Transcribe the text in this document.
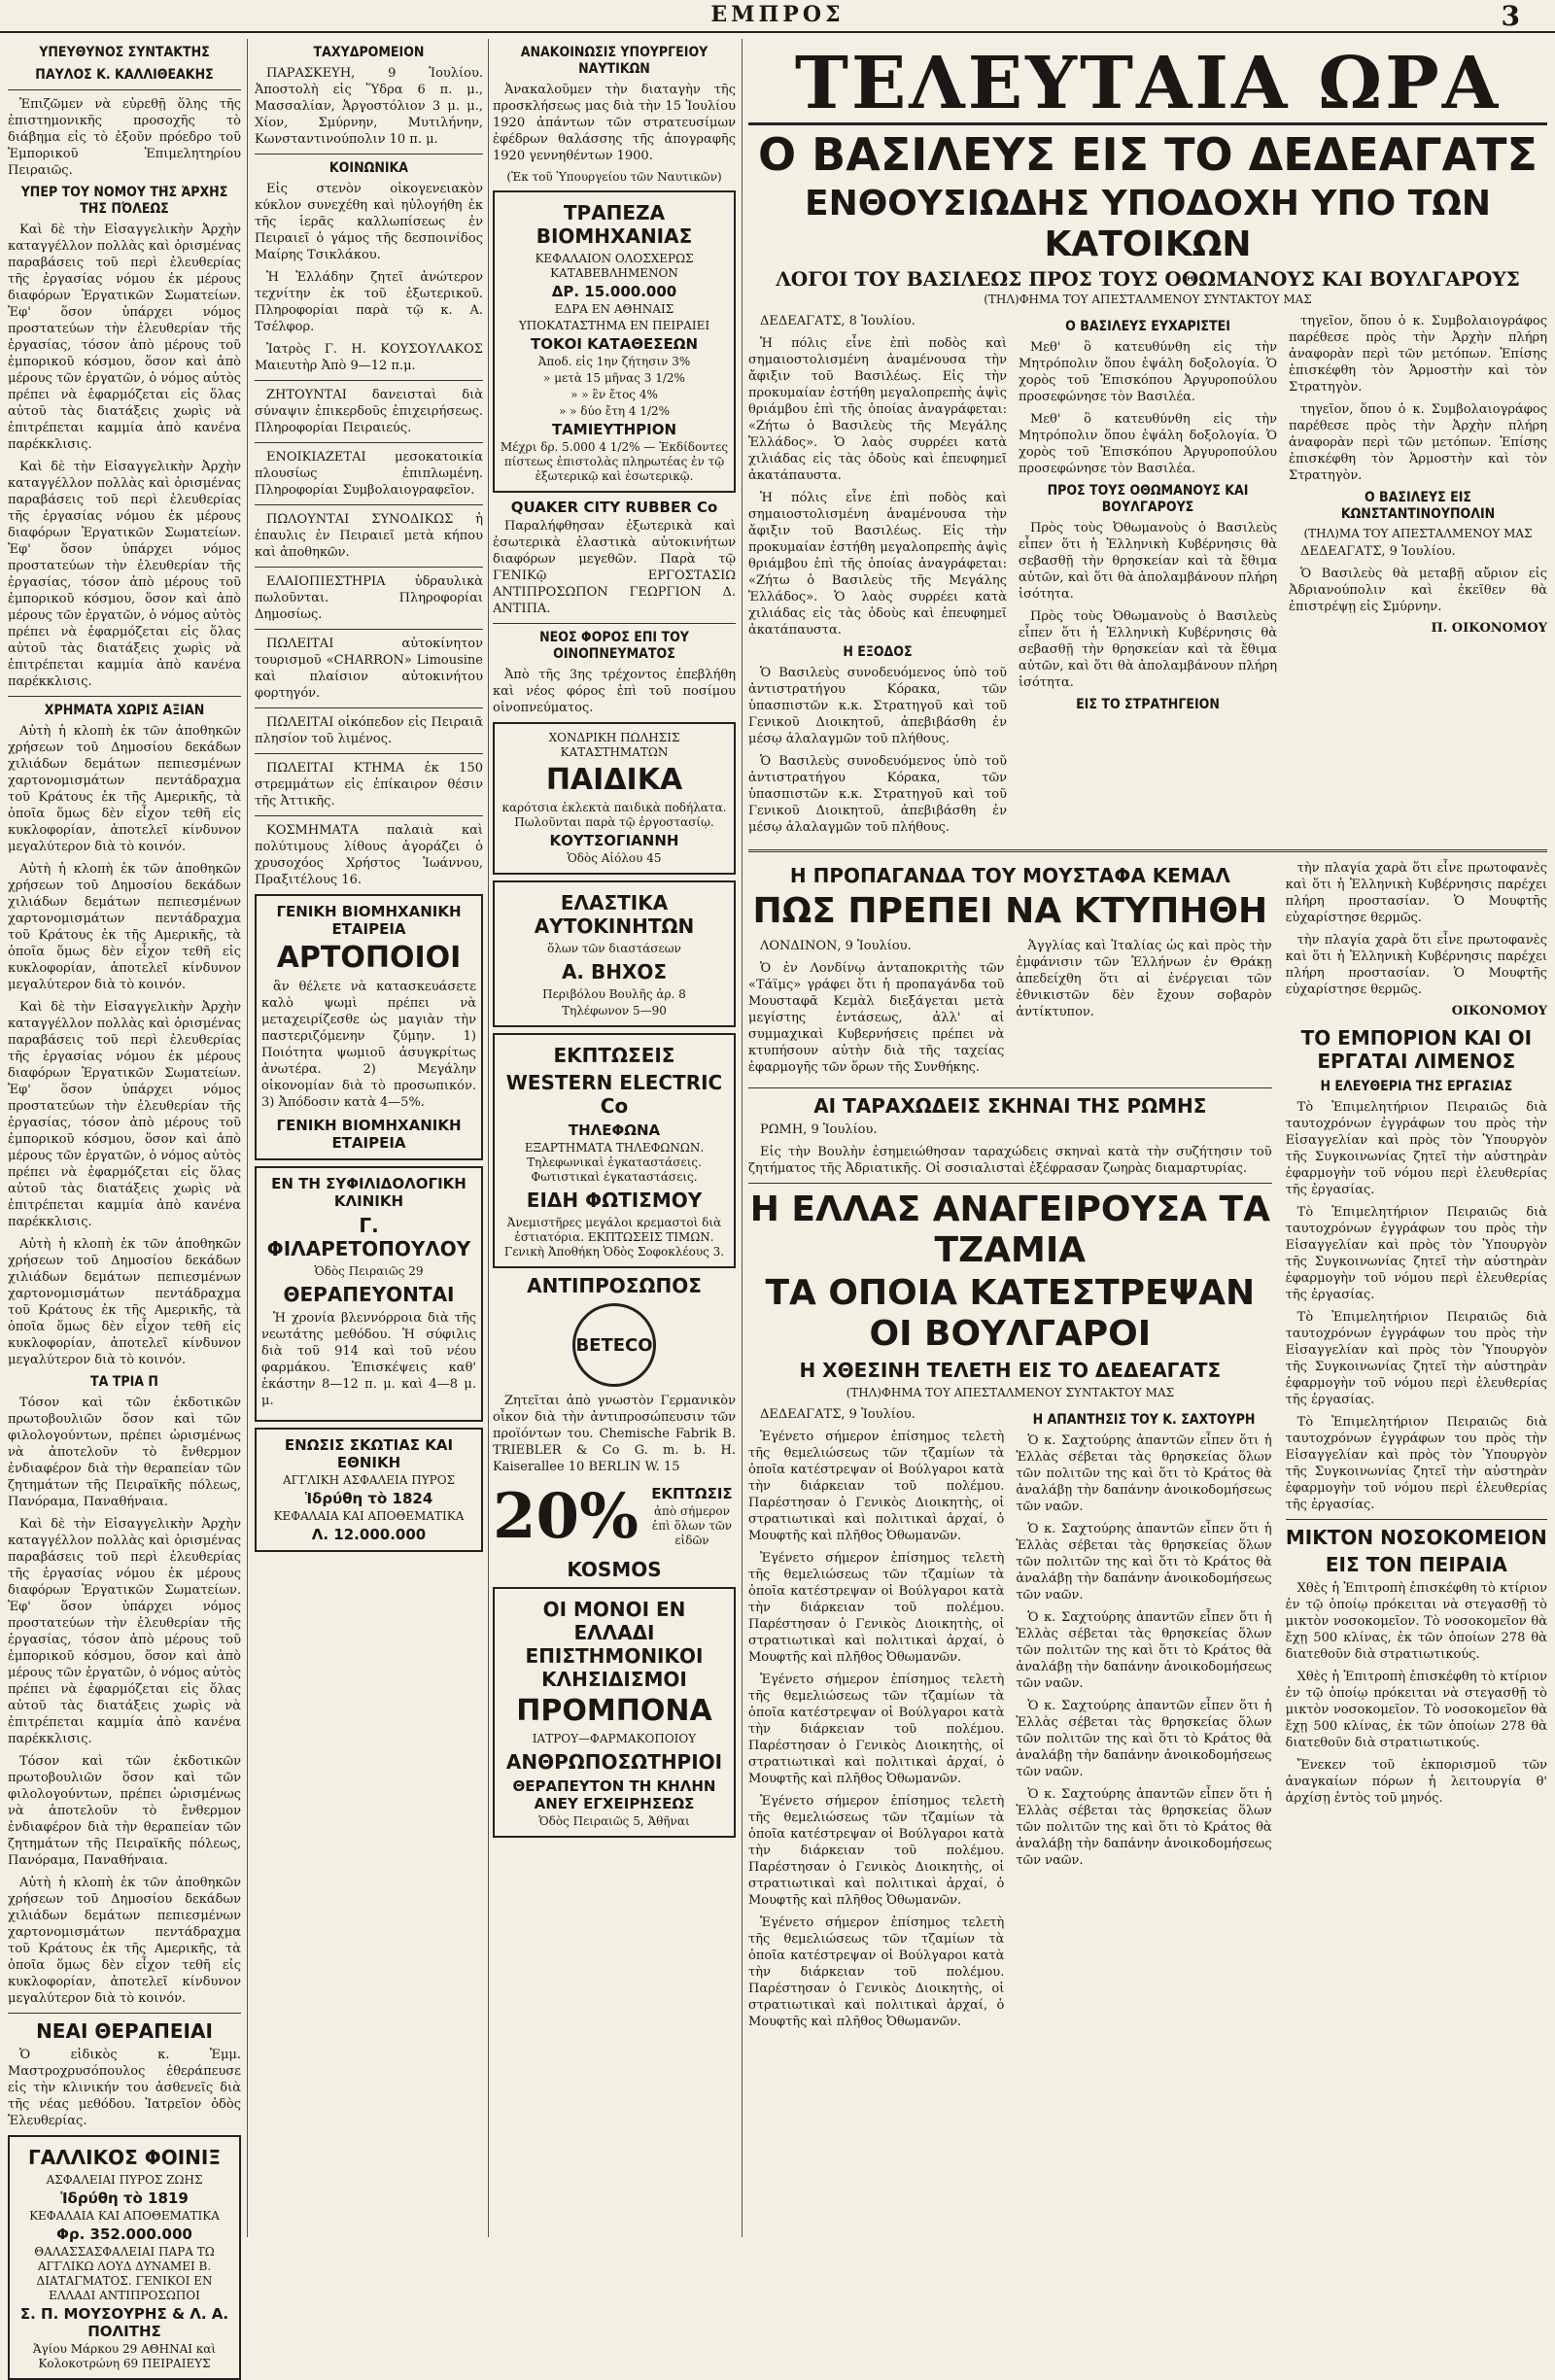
ΕΜΠΡΟΣ	3
ΥΠΕΥΘΥΝΟΣ ΣΥΝΤΑΚΤΗΣ
ΠΑΥΛΟΣ Κ. ΚΑΛΛΙΘΕΑΚΗΣ

Ἐπιζῶμεν νὰ εὑρεθῇ ὅλης τῆς ἐπιστημονικῆς προσοχῆς τὸ διάβημα εἰς τὸ ἐξοῦν πρόεδρο τοῦ Ἐμπορικοῦ Ἐπιμελητηρίου Πειραιῶς.

ΥΠΕΡ ΤΟΥ ΝΟΜΟΥ ΤΗ͂Σ ἈΡΧΗ͂Σ ΤΗ͂Σ ΠΌΛΕΩΣ

Καὶ δὲ τὴν Εἰσαγγελικὴν Ἀρχὴν καταγγέλλον πολλὰς καὶ ὁρισμένας παραβάσεις τοῦ περὶ ἐλευθερίας τῆς ἐργασίας νόμου ἐκ μέρους διαφόρων Ἐργατικῶν Σωματείων. Ἐφ' ὅσον ὑπάρχει νόμος προστατεύων τὴν ἐλευθερίαν τῆς ἐργασίας, τόσον ἀπὸ μέρους τοῦ ἐμπορικοῦ κόσμου, ὅσον καὶ ἀπὸ μέρους τῶν ἐργατῶν, ὁ νόμος αὐτὸς πρέπει νὰ ἐφαρμόζεται εἰς ὅλας αὐτοῦ τὰς διατάξεις χωρὶς νὰ ἐπιτρέπεται καμμία ἀπὸ κανένα παρέκκλισις.

Καὶ δὲ τὴν Εἰσαγγελικὴν Ἀρχὴν καταγγέλλον πολλὰς καὶ ὁρισμένας παραβάσεις τοῦ περὶ ἐλευθερίας τῆς ἐργασίας νόμου ἐκ μέρους διαφόρων Ἐργατικῶν Σωματείων. Ἐφ' ὅσον ὑπάρχει νόμος προστατεύων τὴν ἐλευθερίαν τῆς ἐργασίας, τόσον ἀπὸ μέρους τοῦ ἐμπορικοῦ κόσμου, ὅσον καὶ ἀπὸ μέρους τῶν ἐργατῶν, ὁ νόμος αὐτὸς πρέπει νὰ ἐφαρμόζεται εἰς ὅλας αὐτοῦ τὰς διατάξεις χωρὶς νὰ ἐπιτρέπεται καμμία ἀπὸ κανένα παρέκκλισις.

ΧΡΗΜΑΤΑ ΧΩΡΙΣ ΑΞΙΑΝ

Αὐτὴ ἡ κλοπὴ ἐκ τῶν ἀποθηκῶν χρήσεων τοῦ Δημοσίου δεκάδων χιλιάδων δεμάτων πεπιεσμένων χαρτονομισμάτων πεντάδραχμα τοῦ Κράτους ἐκ τῆς Αμερικῆς, τὰ ὁποῖα ὅμως δὲν εἶχον τεθῆ εἰς κυκλοφορίαν, ἀποτελεῖ κίνδυνον μεγαλύτερον διὰ τὸ κοινόν.

Αὐτὴ ἡ κλοπὴ ἐκ τῶν ἀποθηκῶν χρήσεων τοῦ Δημοσίου δεκάδων χιλιάδων δεμάτων πεπιεσμένων χαρτονομισμάτων πεντάδραχμα τοῦ Κράτους ἐκ τῆς Αμερικῆς, τὰ ὁποῖα ὅμως δὲν εἶχον τεθῆ εἰς κυκλοφορίαν, ἀποτελεῖ κίνδυνον μεγαλύτερον διὰ τὸ κοινόν.

Καὶ δὲ τὴν Εἰσαγγελικὴν Ἀρχὴν καταγγέλλον πολλὰς καὶ ὁρισμένας παραβάσεις τοῦ περὶ ἐλευθερίας τῆς ἐργασίας νόμου ἐκ μέρους διαφόρων Ἐργατικῶν Σωματείων. Ἐφ' ὅσον ὑπάρχει νόμος προστατεύων τὴν ἐλευθερίαν τῆς ἐργασίας, τόσον ἀπὸ μέρους τοῦ ἐμπορικοῦ κόσμου, ὅσον καὶ ἀπὸ μέρους τῶν ἐργατῶν, ὁ νόμος αὐτὸς πρέπει νὰ ἐφαρμόζεται εἰς ὅλας αὐτοῦ τὰς διατάξεις χωρὶς νὰ ἐπιτρέπεται καμμία ἀπὸ κανένα παρέκκλισις.

Αὐτὴ ἡ κλοπὴ ἐκ τῶν ἀποθηκῶν χρήσεων τοῦ Δημοσίου δεκάδων χιλιάδων δεμάτων πεπιεσμένων χαρτονομισμάτων πεντάδραχμα τοῦ Κράτους ἐκ τῆς Αμερικῆς, τὰ ὁποῖα ὅμως δὲν εἶχον τεθῆ εἰς κυκλοφορίαν, ἀποτελεῖ κίνδυνον μεγαλύτερον διὰ τὸ κοινόν.

ΤΑ ΤΡΙΑ Π

Τόσον καὶ τῶν ἐκδοτικῶν πρωτοβουλιῶν ὅσον καὶ τῶν φιλολογούντων, πρέπει ὡρισμένως νὰ ἀποτελοῦν τὸ ἔνθερμον ἐνδιαφέρον διὰ τὴν θεραπείαν τῶν ζητημάτων τῆς Πειραϊκῆς πόλεως, Πανόραμα, Παναθήναια.

Καὶ δὲ τὴν Εἰσαγγελικὴν Ἀρχὴν καταγγέλλον πολλὰς καὶ ὁρισμένας παραβάσεις τοῦ περὶ ἐλευθερίας τῆς ἐργασίας νόμου ἐκ μέρους διαφόρων Ἐργατικῶν Σωματείων. Ἐφ' ὅσον ὑπάρχει νόμος προστατεύων τὴν ἐλευθερίαν τῆς ἐργασίας, τόσον ἀπὸ μέρους τοῦ ἐμπορικοῦ κόσμου, ὅσον καὶ ἀπὸ μέρους τῶν ἐργατῶν, ὁ νόμος αὐτὸς πρέπει νὰ ἐφαρμόζεται εἰς ὅλας αὐτοῦ τὰς διατάξεις χωρὶς νὰ ἐπιτρέπεται καμμία ἀπὸ κανένα παρέκκλισις.

Τόσον καὶ τῶν ἐκδοτικῶν πρωτοβουλιῶν ὅσον καὶ τῶν φιλολογούντων, πρέπει ὡρισμένως νὰ ἀποτελοῦν τὸ ἔνθερμον ἐνδιαφέρον διὰ τὴν θεραπείαν τῶν ζητημάτων τῆς Πειραϊκῆς πόλεως, Πανόραμα, Παναθήναια.

Αὐτὴ ἡ κλοπὴ ἐκ τῶν ἀποθηκῶν χρήσεων τοῦ Δημοσίου δεκάδων χιλιάδων δεμάτων πεπιεσμένων χαρτονομισμάτων πεντάδραχμα τοῦ Κράτους ἐκ τῆς Αμερικῆς, τὰ ὁποῖα ὅμως δὲν εἶχον τεθῆ εἰς κυκλοφορίαν, ἀποτελεῖ κίνδυνον μεγαλύτερον διὰ τὸ κοινόν.

ΝΕΑΙ ΘΕΡΑΠΕΙΑΙ

Ὁ εἰδικὸς κ. Ἐμμ. Μαστροχρυσόπουλος ἐθεράπευσε εἰς τὴν κλινικήν του ἀσθενεῖς διὰ τῆς νέας μεθόδου. Ἰατρεῖον ὁδὸς Ἐλευθερίας.

ΓΑΛΛΙΚΟΣ ΦΟΙΝΙΞ
ΑΣΦΑΛΕΙΑΙ ΠΥΡΟΣ ΖΩΗΣ
Ἱδρύθη τὸ 1819
ΚΕΦΑΛΑΙΑ ΚΑΙ ΑΠΟΘΕΜΑΤΙΚΑ
Φρ. 352.000.000
ΘΑΛΑΣΣΑΣΦΑΛΕΙΑΙ ΠΑΡΑ ΤΩ ΑΓΓΛΙΚΩ ΛΟΥΔ ΔΥΝΑΜΕΙ Β. ΔΙΑΤΑΓΜΑΤΟΣ. ΓΕΝΙΚΟΙ ΕΝ ΕΛΛΑΔΙ ΑΝΤΙΠΡΟΣΩΠΟΙ
Σ. Π. ΜΟΥΣΟΥΡΗΣ & Λ. Α. ΠΟΛΙΤΗΣ
Ἁγίου Μάρκου 29 ΑΘΗΝΑΙ καὶ Κολοκοτρώνη 69 ΠΕΙΡΑΙΕΥΣ
ΤΑΧΥΔΡΟΜΕΙΟΝ

ΠΑΡΑΣΚΕΥΗ, 9 Ἰουλίου. Ἀποστολὴ εἰς Ὕδρα 6 π. μ., Μασσαλίαν, Ἀργοστόλιον 3 μ. μ., Χίον, Σμύρνην, Μυτιλήνην, Κωνσταντινούπολιν 10 π. μ.

ΚΟΙΝΩΝΙΚΑ

Εἰς στενὸν οἰκογενειακὸν κύκλον συνεχέθη καὶ ηὐλογήθη ἐκ τῆς ἱερᾶς καλλωπίσεως ἐν Πειραιεῖ ὁ γάμος τῆς δεσποινίδος Μαίρης Τσικλάκου.

Ἡ Ἑλλάδην ζητεῖ ἀνώτερον τεχνίτην ἐκ τοῦ ἐξωτερικοῦ. Πληροφορίαι παρὰ τῷ κ. Α. Τσέλφορ.

Ἰατρὸς Γ. Η. ΚΟΥΣΟΥΛΑΚΟΣ Μαιευτὴρ Ἀπὸ 9—12 π.μ.

ΖΗΤΟΥΝΤΑΙ δανεισταὶ διὰ σύναψιν ἐπικερδοῦς ἐπιχειρήσεως. Πληροφορίαι Πειραιεύς.

ΕΝΟΙΚΙΑΖΕΤΑΙ μεσοκατοικία πλουσίως ἐπιπλωμένη. Πληροφορίαι Συμβολαιογραφεῖον.

ΠΩΛΟΥΝΤΑΙ ΣΥΝΟΔΙΚΩΣ ἡ ἐπαυλις ἐν Πειραιεῖ μετὰ κήπου καὶ ἀποθηκῶν.

ΕΛΑΙΟΠΙΕΣΤΗΡΙΑ ὑδραυλικὰ πωλοῦνται. Πληροφορίαι Δημοσίως.

ΠΩΛΕΙΤΑΙ αὐτοκίνητον τουρισμοῦ «CHARRON» Limousine καὶ πλαίσιον αὐτοκινήτου φορτηγόν.

ΠΩΛΕΙΤΑΙ οἰκόπεδον εἰς Πειραιᾶ πλησίον τοῦ λιμένος.

ΠΩΛΕΙΤΑΙ ΚΤΗΜΑ ἐκ 150 στρεμμάτων εἰς ἐπίκαιρον θέσιν τῆς Ἀττικῆς.

ΚΟΣΜΗΜΑΤΑ παλαιὰ καὶ πολύτιμους λίθους ἀγοράζει ὁ χρυσοχόος Χρήστος Ἰωάννου, Πραξιτέλους 16.

ΓΕΝΙΚΗ ΒΙΟΜΗΧΑΝΙΚΗ ΕΤΑΙΡΕΙΑ
ΑΡΤΟΠΟΙΟΙ

ἂν θέλετε νὰ κατασκευάσετε καλὸ ψωμὶ πρέπει νὰ μεταχειρίζεσθε ὡς μαγιὰν τὴν παστεριζόμενην ζύμην. 1) Ποιότητα ψωμιοῦ ἀσυγκρίτως ἀνωτέρα. 2) Μεγάλην οἰκονομίαν διὰ τὸ προσωπικόν. 3) Ἀπόδοσιν κατὰ 4—5%.

ΓΕΝΙΚΗ ΒΙΟΜΗΧΑΝΙΚΗ ΕΤΑΙΡΕΙΑ
ΕΝ ΤΗ ΣΥΦΙΛΙΔΟΛΟΓΙΚΗ ΚΛΙΝΙΚΗ
Γ. ΦΙΛΑΡΕΤΟΠΟΥΛΟΥ
Ὁδὸς Πειραιῶς 29
ΘΕΡΑΠΕΥΟΝΤΑΙ

Ἡ χρονία βλεννόρροια διὰ τῆς νεωτάτης μεθόδου. Ἡ σύφιλις διὰ τοῦ 914 καὶ τοῦ νέου φαρμάκου. Ἐπισκέψεις καθ' ἑκάστην 8—12 π. μ. καὶ 4—8 μ. μ.

ΕΝΩΣΙΣ ΣΚΩΤΙΑΣ ΚΑΙ ΕΘΝΙΚΗ
ΑΓΓΛΙΚΗ ΑΣΦΑΛΕΙΑ ΠΥΡΟΣ
Ἱδρύθη τὸ 1824
ΚΕΦΑΛΑΙΑ ΚΑΙ ΑΠΟΘΕΜΑΤΙΚΑ
Λ. 12.000.000
ΑΝΑΚΟΙΝΩΣΙΣ ΥΠΟΥΡΓΕΙΟΥ ΝΑΥΤΙΚΩΝ

Ἀνακαλοῦμεν τὴν διαταγὴν τῆς προσκλήσεως μας διὰ τὴν 15 Ἰουλίου 1920 ἀπάντων τῶν στρατευσίμων ἐφέδρων θαλάσσης τῆς ἀπογραφῆς 1920 γεννηθέντων 1900.

(Ἐκ τοῦ Ὑπουργείου τῶν Ναυτικῶν)
ΤΡΑΠΕΖΑ ΒΙΟΜΗΧΑΝΙΑΣ
ΚΕΦΑΛΑΙΟΝ ΟΛΟΣΧΕΡΩΣ ΚΑΤΑΒΕΒΛΗΜΕΝΟΝ
ΔΡ. 15.000.000
ΕΔΡΑ ΕΝ ΑΘΗΝΑΙΣ
ΥΠΟΚΑΤΑΣΤΗΜΑ ΕΝ ΠΕΙΡΑΙΕΙ
ΤΟΚΟΙ ΚΑΤΑΘΕΣΕΩΝ
Ἀποδ. εἰς 1ην ζήτησιν 3%
» μετὰ 15 μῆνας 3 1/2%
» » ἓν ἔτος 4%
» » δύο ἔτη 4 1/2%
ΤΑΜΙΕΥΤΗΡΙΟΝ
Μέχρι δρ. 5.000 4 1/2% — Ἐκδίδοντες πίστεως ἐπιστολὰς πληρωτέας ἐν τῷ ἐξωτερικῷ καὶ ἐσωτερικῷ.
QUAKER CITY RUBBER Co

Παραλήφθησαν ἐξωτερικὰ καὶ ἐσωτερικὰ ἐλαστικὰ αὐτοκινήτων διαφόρων μεγεθῶν. Παρὰ τῷ ΓΕΝΙΚῷ ΕΡΓΟΣΤΑΣΙΩ ΑΝΤΙΠΡΟΣΩΠΟΝ ΓΕΩΡΓΙΟΝ Δ. ΑΝΤΙΠΑ.

ΝΕΟΣ ΦΟΡΟΣ ΕΠΙ ΤΟΥ ΟΙΝΟΠΝΕΥΜΑΤΟΣ

Ἀπὸ τῆς 3ης τρέχοντος ἐπεβλήθη καὶ νέος φόρος ἐπὶ τοῦ ποσίμου οἰνοπνεύματος.

ΧΟΝΔΡΙΚΗ ΠΩΛΗΣΙΣ ΚΑΤΑΣΤΗΜΑΤΩΝ
ΠΑΙΔΙΚΑ
καρότσια ἐκλεκτὰ παιδικὰ ποδήλατα. Πωλοῦνται παρὰ τῷ ἐργοστασίῳ.
ΚΟΥΤΣΟΓΙΑΝΝΗ
Ὁδὸς Αἰόλου 45
ΕΛΑΣΤΙΚΑ ΑΥΤΟΚΙΝΗΤΩΝ
ὅλων τῶν διαστάσεων
Α. ΒΗΧΟΣ
Περιβόλου Βουλῆς ἀρ. 8
Τηλέφωνον 5—90
ΕΚΠΤΩΣΕΙΣ
WESTERN ELECTRIC Co
ΤΗΛΕΦΩΝΑ
ΕΞΑΡΤΗΜΑΤΑ ΤΗΛΕΦΩΝΩΝ. Τηλεφωνικαὶ ἐγκαταστάσεις. Φωτιστικαὶ ἐγκαταστάσεις.
ΕΙΔΗ ΦΩΤΙΣΜΟΥ
Ἀνεμιστῆρες μεγάλοι κρεμαστοὶ διὰ ἑστιατόρια. ΕΚΠΤΩΣΕΙΣ ΤΙΜΩΝ. Γενικὴ Ἀποθήκη Ὁδὸς Σοφοκλέους 3.
ΑΝΤΙΠΡΟΣΩΠΟΣ
BETECO

Ζητεῖται ἀπὸ γνωστὸν Γερμανικὸν οἶκον διὰ τὴν ἀντιπροσώπευσιν τῶν προϊόντων του. Chemische Fabrik B. TRIEBLER & Co G. m. b. H. Kaiserallee 10 BERLIN W. 15

20% ΕΚΠΤΩΣΙΣ
ἀπὸ σήμερον ἐπὶ ὅλων τῶν εἰδῶν
KOSMOS
ΟΙ ΜΟΝΟΙ ΕΝ ΕΛΛΑΔΙ ΕΠΙΣΤΗΜΟΝΙΚΟΙ ΚΛΗΣΙΔΙΣΜΟΙ
ΠΡΟΜΠΟΝΑ
ΙΑΤΡΟΥ—ΦΑΡΜΑΚΟΠΟΙΟΥ
ΑΝΘΡΩΠΟΣΩΤΗΡΙΟΙ
ΘΕΡΑΠΕΥΤΟΝ ΤΗ ΚΗΛΗΝ ΑΝΕΥ ΕΓΧΕΙΡΗΣΕΩΣ
Ὁδὸς Πειραιῶς 5, Ἀθῆναι
ΤΕΛΕΥΤΑΙΑ ΩΡΑ
Ο ΒΑΣΙΛΕΥΣ ΕΙΣ ΤΟ ΔΕΔΕΑΓΑΤΣ
ΕΝΘΟΥΣΙΩΔΗΣ ΥΠΟΔΟΧΗ ΥΠΟ ΤΩΝ ΚΑΤΟΙΚΩΝ
ΛΟΓΟΙ ΤΟΥ ΒΑΣΙΛΕΩΣ ΠΡΟΣ ΤΟΥΣ ΟΘΩΜΑΝΟΥΣ ΚΑΙ ΒΟΥΛΓΑΡΟΥΣ
(ΤΗΛ)ΦΗΜΑ ΤΟΥ ΑΠΕΣΤΑΛΜΕΝΟΥ ΣΥΝΤΑΚΤΟΥ ΜΑΣ

ΔΕΔΕΑΓΑΤΣ, 8 Ἰουλίου.

Ἡ πόλις εἶνε ἐπὶ ποδὸς καὶ σημαιοστολισμένη ἀναμένουσα τὴν ἄφιξιν τοῦ Βασιλέως. Εἰς τὴν προκυμαίαν ἐστήθη μεγαλοπρεπὴς ἁψὶς θριάμβου ἐπὶ τῆς ὁποίας ἀναγράφεται: «Ζήτω ὁ Βασιλεὺς τῆς Μεγάλης Ἑλλάδος». Ὁ λαὸς συρρέει κατὰ χιλιάδας εἰς τὰς ὁδοὺς καὶ ἐπευφημεῖ ἀκατάπαυστα.

Ἡ πόλις εἶνε ἐπὶ ποδὸς καὶ σημαιοστολισμένη ἀναμένουσα τὴν ἄφιξιν τοῦ Βασιλέως. Εἰς τὴν προκυμαίαν ἐστήθη μεγαλοπρεπὴς ἁψὶς θριάμβου ἐπὶ τῆς ὁποίας ἀναγράφεται: «Ζήτω ὁ Βασιλεὺς τῆς Μεγάλης Ἑλλάδος». Ὁ λαὸς συρρέει κατὰ χιλιάδας εἰς τὰς ὁδοὺς καὶ ἐπευφημεῖ ἀκατάπαυστα.

Η ΕΞΟΔΟΣ

Ὁ Βασιλεὺς συνοδευόμενος ὑπὸ τοῦ ἀντιστρατήγου Κόρακα, τῶν ὑπασπιστῶν κ.κ. Στρατηγοῦ καὶ τοῦ Γενικοῦ Διοικητοῦ, ἀπεβιβάσθη ἐν μέσῳ ἀλαλαγμῶν τοῦ πλήθους.

Ὁ Βασιλεὺς συνοδευόμενος ὑπὸ τοῦ ἀντιστρατήγου Κόρακα, τῶν ὑπασπιστῶν κ.κ. Στρατηγοῦ καὶ τοῦ Γενικοῦ Διοικητοῦ, ἀπεβιβάσθη ἐν μέσῳ ἀλαλαγμῶν τοῦ πλήθους.

Ο ΒΑΣΙΛΕΥΣ ΕΥΧΑΡΙΣΤΕΙ

Μεθ' ὃ κατευθύνθη εἰς τὴν Μητρόπολιν ὅπου ἐψάλη δοξολογία. Ὁ χορὸς τοῦ Ἐπισκόπου Ἀργυροπούλου προσεφώνησε τὸν Βασιλέα.

Μεθ' ὃ κατευθύνθη εἰς τὴν Μητρόπολιν ὅπου ἐψάλη δοξολογία. Ὁ χορὸς τοῦ Ἐπισκόπου Ἀργυροπούλου προσεφώνησε τὸν Βασιλέα.

ΠΡΟΣ ΤΟΥΣ ΟΘΩΜΑΝΟΥΣ ΚΑΙ ΒΟΥΛΓΑΡΟΥΣ

Πρὸς τοὺς Ὀθωμανοὺς ὁ Βασιλεὺς εἶπεν ὅτι ἡ Ἑλληνικὴ Κυβέρνησις θὰ σεβασθῇ τὴν θρησκείαν καὶ τὰ ἔθιμα αὐτῶν, καὶ ὅτι θὰ ἀπολαμβάνουν πλήρη ἰσότητα.

Πρὸς τοὺς Ὀθωμανοὺς ὁ Βασιλεὺς εἶπεν ὅτι ἡ Ἑλληνικὴ Κυβέρνησις θὰ σεβασθῇ τὴν θρησκείαν καὶ τὰ ἔθιμα αὐτῶν, καὶ ὅτι θὰ ἀπολαμβάνουν πλήρη ἰσότητα.

ΕΙΣ ΤΟ ΣΤΡΑΤΗΓΕΙΟΝ

τηγεῖον, ὅπου ὁ κ. Συμβολαιογράφος παρέθεσε πρὸς τὴν Ἀρχὴν πλήρη ἀναφορὰν περὶ τῶν μετόπων. Ἐπίσης ἐπισκέφθη τὸν Ἁρμοστὴν καὶ τὸν Στρατηγὸν.

τηγεῖον, ὅπου ὁ κ. Συμβολαιογράφος παρέθεσε πρὸς τὴν Ἀρχὴν πλήρη ἀναφορὰν περὶ τῶν μετόπων. Ἐπίσης ἐπισκέφθη τὸν Ἁρμοστὴν καὶ τὸν Στρατηγὸν.

Ο ΒΑΣΙΛΕΥΣ ΕΙΣ ΚΩΝΣΤΑΝΤΙΝΟΥΠΟΛΙΝ
(ΤΗΛ)ΜΑ ΤΟΥ ΑΠΕΣΤΑΛΜΕΝΟΥ ΜΑΣ

ΔΕΔΕΑΓΑΤΣ, 9 Ἰουλίου.

Ὁ Βασιλεὺς θὰ μεταβῇ αὔριον εἰς Ἀδριανούπολιν καὶ ἐκεῖθεν θὰ ἐπιστρέψῃ εἰς Σμύρνην.

Π. ΟΙΚΟΝΟΜΟΥ
Η ΠΡΟΠΑΓΑΝΔΑ ΤΟΥ ΜΟΥΣΤΑΦΑ ΚΕΜΑΛ
ΠΩΣ ΠΡΕΠΕΙ ΝΑ ΚΤΥΠΗΘΗ

ΛΟΝΔΙΝΟΝ, 9 Ἰουλίου.

Ὁ ἐν Λονδίνῳ ἀνταποκριτὴς τῶν «Τάϊμς» γράφει ὅτι ἡ προπαγάνδα τοῦ Μουσταφᾶ Κεμὰλ διεξάγεται μετὰ μεγίστης ἐντάσεως, ἀλλ' αἱ συμμαχικαὶ Κυβερνήσεις πρέπει νὰ κτυπήσουν αὐτὴν διὰ τῆς ταχείας ἐφαρμογῆς τῶν ὅρων τῆς Συνθήκης.

Ἀγγλίας καὶ Ἰταλίας ὡς καὶ πρὸς τὴν ἐμφάνισιν τῶν Ἑλλήνων ἐν Θράκῃ ἀπεδείχθη ὅτι αἱ ἐνέργειαι τῶν ἐθνικιστῶν δὲν ἔχουν σοβαρὸν ἀντίκτυπον.

ΑΙ ΤΑΡΑΧΩΔΕΙΣ ΣΚΗΝΑΙ ΤΗΣ ΡΩΜΗΣ

ΡΩΜΗ, 9 Ἰουλίου.

Εἰς τὴν Βουλὴν ἐσημειώθησαν ταραχώδεις σκηναὶ κατὰ τὴν συζήτησιν τοῦ ζητήματος τῆς Ἀδριατικῆς. Οἱ σοσιαλισταὶ ἐξέφρασαν ζωηρὰς διαμαρτυρίας.

Η ΕΛΛΑΣ ΑΝΑΓΕΙΡΟΥΣΑ ΤΑ ΤΖΑΜΙΑ
ΤΑ ΟΠΟΙΑ ΚΑΤΕΣΤΡΕΨΑΝ ΟΙ ΒΟΥΛΓΑΡΟΙ
Η ΧΘΕΣΙΝΗ ΤΕΛΕΤΗ ΕΙΣ ΤΟ ΔΕΔΕΑΓΑΤΣ
(ΤΗΛ)ΦΗΜΑ ΤΟΥ ΑΠΕΣΤΑΛΜΕΝΟΥ ΣΥΝΤΑΚΤΟΥ ΜΑΣ

ΔΕΔΕΑΓΑΤΣ, 9 Ἰουλίου.

Ἐγένετο σήμερον ἐπίσημος τελετὴ τῆς θεμελιώσεως τῶν τζαμίων τὰ ὁποῖα κατέστρεψαν οἱ Βούλγαροι κατὰ τὴν διάρκειαν τοῦ πολέμου. Παρέστησαν ὁ Γενικὸς Διοικητὴς, οἱ στρατιωτικαὶ καὶ πολιτικαὶ ἀρχαί, ὁ Μουφτῆς καὶ πλῆθος Ὀθωμανῶν.

Ἐγένετο σήμερον ἐπίσημος τελετὴ τῆς θεμελιώσεως τῶν τζαμίων τὰ ὁποῖα κατέστρεψαν οἱ Βούλγαροι κατὰ τὴν διάρκειαν τοῦ πολέμου. Παρέστησαν ὁ Γενικὸς Διοικητὴς, οἱ στρατιωτικαὶ καὶ πολιτικαὶ ἀρχαί, ὁ Μουφτῆς καὶ πλῆθος Ὀθωμανῶν.

Ἐγένετο σήμερον ἐπίσημος τελετὴ τῆς θεμελιώσεως τῶν τζαμίων τὰ ὁποῖα κατέστρεψαν οἱ Βούλγαροι κατὰ τὴν διάρκειαν τοῦ πολέμου. Παρέστησαν ὁ Γενικὸς Διοικητὴς, οἱ στρατιωτικαὶ καὶ πολιτικαὶ ἀρχαί, ὁ Μουφτῆς καὶ πλῆθος Ὀθωμανῶν.

Ἐγένετο σήμερον ἐπίσημος τελετὴ τῆς θεμελιώσεως τῶν τζαμίων τὰ ὁποῖα κατέστρεψαν οἱ Βούλγαροι κατὰ τὴν διάρκειαν τοῦ πολέμου. Παρέστησαν ὁ Γενικὸς Διοικητὴς, οἱ στρατιωτικαὶ καὶ πολιτικαὶ ἀρχαί, ὁ Μουφτῆς καὶ πλῆθος Ὀθωμανῶν.

Ἐγένετο σήμερον ἐπίσημος τελετὴ τῆς θεμελιώσεως τῶν τζαμίων τὰ ὁποῖα κατέστρεψαν οἱ Βούλγαροι κατὰ τὴν διάρκειαν τοῦ πολέμου. Παρέστησαν ὁ Γενικὸς Διοικητὴς, οἱ στρατιωτικαὶ καὶ πολιτικαὶ ἀρχαί, ὁ Μουφτῆς καὶ πλῆθος Ὀθωμανῶν.

Η ΑΠΑΝΤΗΣΙΣ ΤΟΥ Κ. ΣΑΧΤΟΥΡΗ

Ὁ κ. Σαχτούρης ἀπαντῶν εἶπεν ὅτι ἡ Ἑλλὰς σέβεται τὰς θρησκείας ὅλων τῶν πολιτῶν της καὶ ὅτι τὸ Κράτος θὰ ἀναλάβῃ τὴν δαπάνην ἀνοικοδομήσεως τῶν ναῶν.

Ὁ κ. Σαχτούρης ἀπαντῶν εἶπεν ὅτι ἡ Ἑλλὰς σέβεται τὰς θρησκείας ὅλων τῶν πολιτῶν της καὶ ὅτι τὸ Κράτος θὰ ἀναλάβῃ τὴν δαπάνην ἀνοικοδομήσεως τῶν ναῶν.

Ὁ κ. Σαχτούρης ἀπαντῶν εἶπεν ὅτι ἡ Ἑλλὰς σέβεται τὰς θρησκείας ὅλων τῶν πολιτῶν της καὶ ὅτι τὸ Κράτος θὰ ἀναλάβῃ τὴν δαπάνην ἀνοικοδομήσεως τῶν ναῶν.

Ὁ κ. Σαχτούρης ἀπαντῶν εἶπεν ὅτι ἡ Ἑλλὰς σέβεται τὰς θρησκείας ὅλων τῶν πολιτῶν της καὶ ὅτι τὸ Κράτος θὰ ἀναλάβῃ τὴν δαπάνην ἀνοικοδομήσεως τῶν ναῶν.

Ὁ κ. Σαχτούρης ἀπαντῶν εἶπεν ὅτι ἡ Ἑλλὰς σέβεται τὰς θρησκείας ὅλων τῶν πολιτῶν της καὶ ὅτι τὸ Κράτος θὰ ἀναλάβῃ τὴν δαπάνην ἀνοικοδομήσεως τῶν ναῶν.

τὴν πλαγία χαρὰ ὅτι εἶνε πρωτοφανὲς καὶ ὅτι ἡ Ἑλληνικὴ Κυβέρνησις παρέχει πλήρη προστασίαν. Ὁ Μουφτῆς εὐχαρίστησε θερμῶς.

τὴν πλαγία χαρὰ ὅτι εἶνε πρωτοφανὲς καὶ ὅτι ἡ Ἑλληνικὴ Κυβέρνησις παρέχει πλήρη προστασίαν. Ὁ Μουφτῆς εὐχαρίστησε θερμῶς.

ΟΙΚΟΝΟΜΟΥ
ΤΟ ΕΜΠΟΡΙΟΝ ΚΑΙ ΟΙ ΕΡΓΑΤΑΙ ΛΙΜΕΝΟΣ
Η ΕΛΕΥΘΕΡΙΑ ΤΗΣ ΕΡΓΑΣΙΑΣ

Τὸ Ἐπιμελητήριον Πειραιῶς διὰ ταυτοχρόνων ἐγγράφων του πρὸς τὴν Εἰσαγγελίαν καὶ πρὸς τὸν Ὑπουργὸν τῆς Συγκοινωνίας ζητεῖ τὴν αὐστηρὰν ἐφαρμογὴν τοῦ νόμου περὶ ἐλευθερίας τῆς ἐργασίας.

Τὸ Ἐπιμελητήριον Πειραιῶς διὰ ταυτοχρόνων ἐγγράφων του πρὸς τὴν Εἰσαγγελίαν καὶ πρὸς τὸν Ὑπουργὸν τῆς Συγκοινωνίας ζητεῖ τὴν αὐστηρὰν ἐφαρμογὴν τοῦ νόμου περὶ ἐλευθερίας τῆς ἐργασίας.

Τὸ Ἐπιμελητήριον Πειραιῶς διὰ ταυτοχρόνων ἐγγράφων του πρὸς τὴν Εἰσαγγελίαν καὶ πρὸς τὸν Ὑπουργὸν τῆς Συγκοινωνίας ζητεῖ τὴν αὐστηρὰν ἐφαρμογὴν τοῦ νόμου περὶ ἐλευθερίας τῆς ἐργασίας.

Τὸ Ἐπιμελητήριον Πειραιῶς διὰ ταυτοχρόνων ἐγγράφων του πρὸς τὴν Εἰσαγγελίαν καὶ πρὸς τὸν Ὑπουργὸν τῆς Συγκοινωνίας ζητεῖ τὴν αὐστηρὰν ἐφαρμογὴν τοῦ νόμου περὶ ἐλευθερίας τῆς ἐργασίας.

ΜΙΚΤΟΝ ΝΟΣΟΚΟΜΕΙΟΝ
ΕΙΣ ΤΟΝ ΠΕΙΡΑΙΑ

Χθὲς ἡ Ἐπιτροπὴ ἐπισκέφθη τὸ κτίριον ἐν τῷ ὁποίῳ πρόκειται νὰ στεγασθῇ τὸ μικτὸν νοσοκομεῖον. Τὸ νοσοκομεῖον θὰ ἔχῃ 500 κλίνας, ἐκ τῶν ὁποίων 278 θὰ διατεθοῦν διὰ στρατιωτικούς.

Χθὲς ἡ Ἐπιτροπὴ ἐπισκέφθη τὸ κτίριον ἐν τῷ ὁποίῳ πρόκειται νὰ στεγασθῇ τὸ μικτὸν νοσοκομεῖον. Τὸ νοσοκομεῖον θὰ ἔχῃ 500 κλίνας, ἐκ τῶν ὁποίων 278 θὰ διατεθοῦν διὰ στρατιωτικούς.

Ἔνεκεν τοῦ ἐκπορισμοῦ τῶν ἀναγκαίων πόρων ἡ λειτουργία θ' ἀρχίσῃ ἐντὸς τοῦ μηνός.
